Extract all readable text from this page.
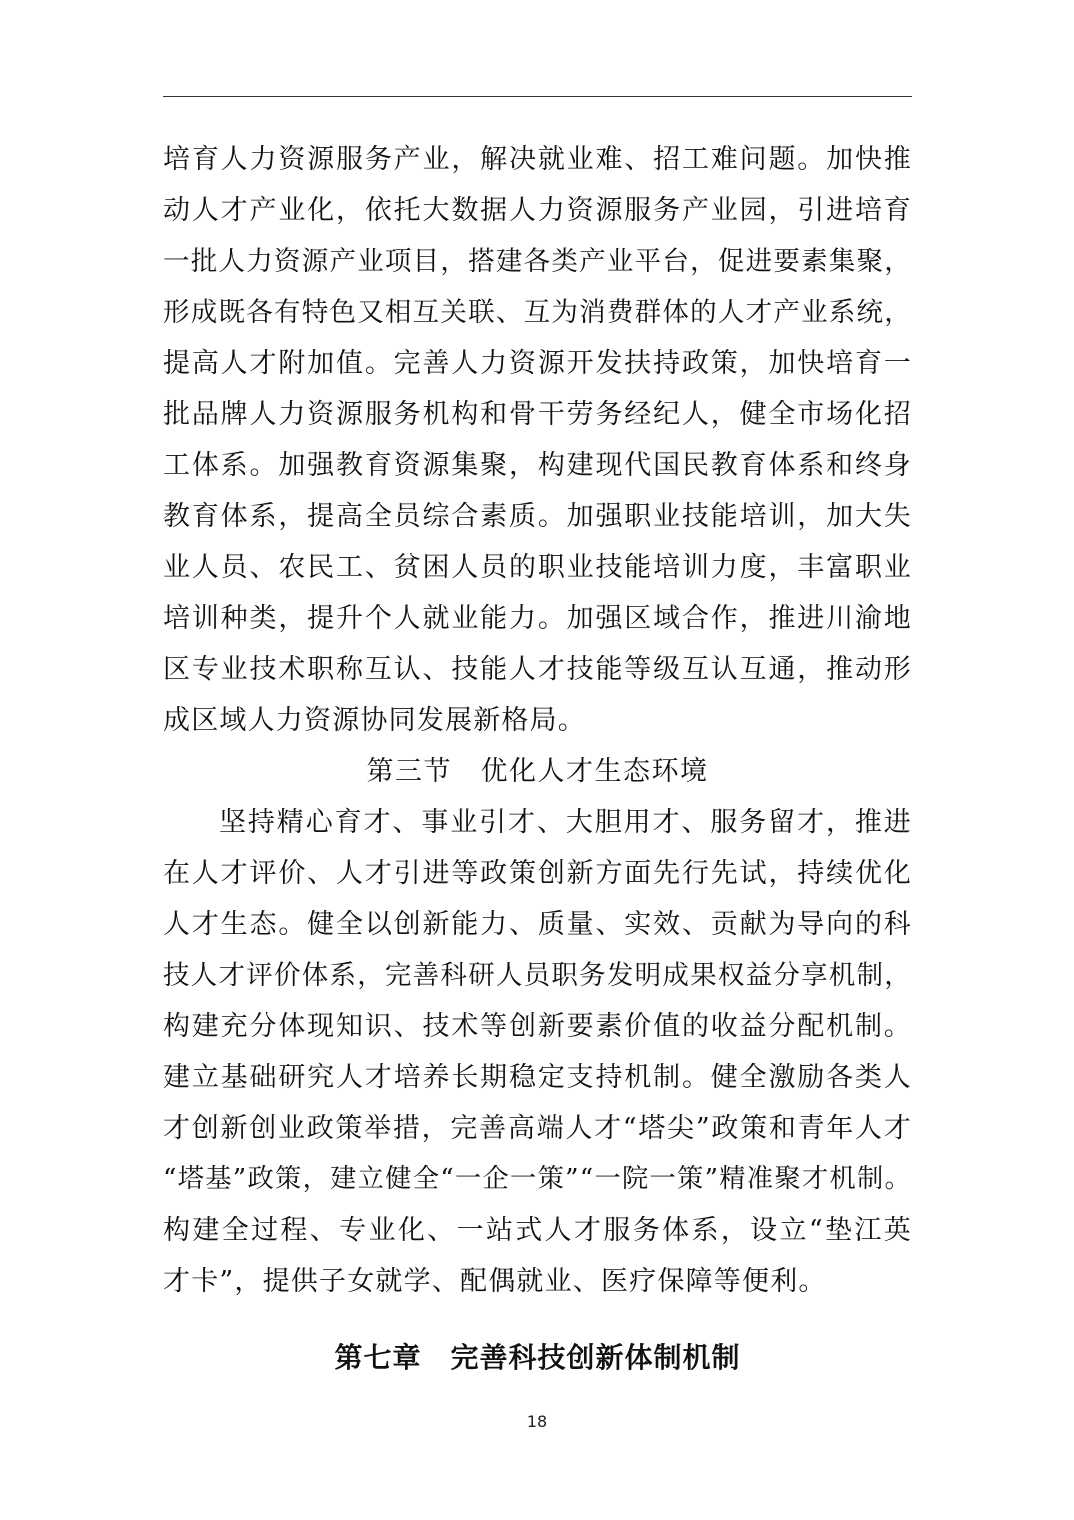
培育人力资源服务产业，解决就业难、招工难问题。加快推
动人才产业化，依托大数据人力资源服务产业园，引进培育
一批人力资源产业项目，搭建各类产业平台，促进要素集聚，
形成既各有特色又相互关联、互为消费群体的人才产业系统，
提高人才附加值。完善人力资源开发扶持政策，加快培育一
批品牌人力资源服务机构和骨干劳务经纪人，健全市场化招
工体系。加强教育资源集聚，构建现代国民教育体系和终身
教育体系，提高全员综合素质。加强职业技能培训，加大失
业人员、农民工、贫困人员的职业技能培训力度，丰富职业
培训种类，提升个人就业能力。加强区域合作，推进川渝地
区专业技术职称互认、技能人才技能等级互认互通，推动形
成区域人力资源协同发展新格局。
第三节　优化人才生态环境
坚持精心育才、事业引才、大胆用才、服务留才，推进
在人才评价、人才引进等政策创新方面先行先试，持续优化
人才生态。健全以创新能力、质量、实效、贡献为导向的科
技人才评价体系，完善科研人员职务发明成果权益分享机制，
构建充分体现知识、技术等创新要素价值的收益分配机制。
建立基础研究人才培养长期稳定支持机制。健全激励各类人
才创新创业政策举措，完善高端人才“塔尖”政策和青年人才
“塔基”政策，建立健全“一企一策”“一院一策”精准聚才机制。
构建全过程、专业化、一站式人才服务体系，设立“垫江英
才卡”，提供子女就学、配偶就业、医疗保障等便利。
第七章　完善科技创新体制机制
18
